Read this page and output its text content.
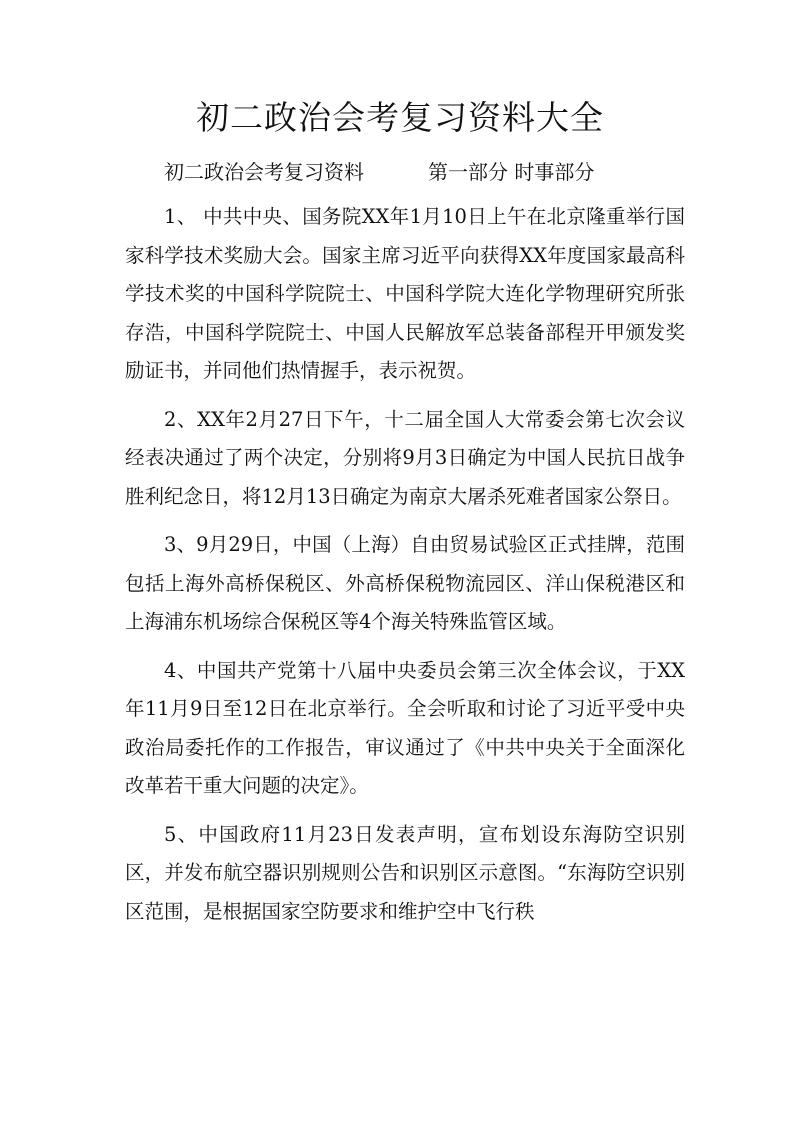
初二政治会考复习资料大全

初二政治会考复习资料	第一部分 时事部分

1、 中共中央、国务院XX年1月10日上午在北京隆重举行国家科学技术奖励大会。国家主席习近平向获得XX年度国家最高科学技术奖的中国科学院院士、中国科学院大连化学物理研究所张存浩，中国科学院院士、中国人民解放军总装备部程开甲颁发奖励证书，并同他们热情握手，表示祝贺。

2、XX年2月27日下午，十二届全国人大常委会第七次会议经表决通过了两个决定，分别将9月3日确定为中国人民抗日战争胜利纪念日，将12月13日确定为南京大屠杀死难者国家公祭日。

3、9月29日，中国（上海）自由贸易试验区正式挂牌，范围包括上海外高桥保税区、外高桥保税物流园区、洋山保税港区和上海浦东机场综合保税区等4个海关特殊监管区域。

4、中国共产党第十八届中央委员会第三次全体会议，于XX年11月9日至12日在北京举行。全会听取和讨论了习近平受中央政治局委托作的工作报告，审议通过了《中共中央关于全面深化改革若干重大问题的决定》。

5、中国政府11月23日发表声明，宣布划设东海防空识别区，并发布航空器识别规则公告和识别区示意图。“东海防空识别区范围，是根据国家空防要求和维护空中飞行秩
